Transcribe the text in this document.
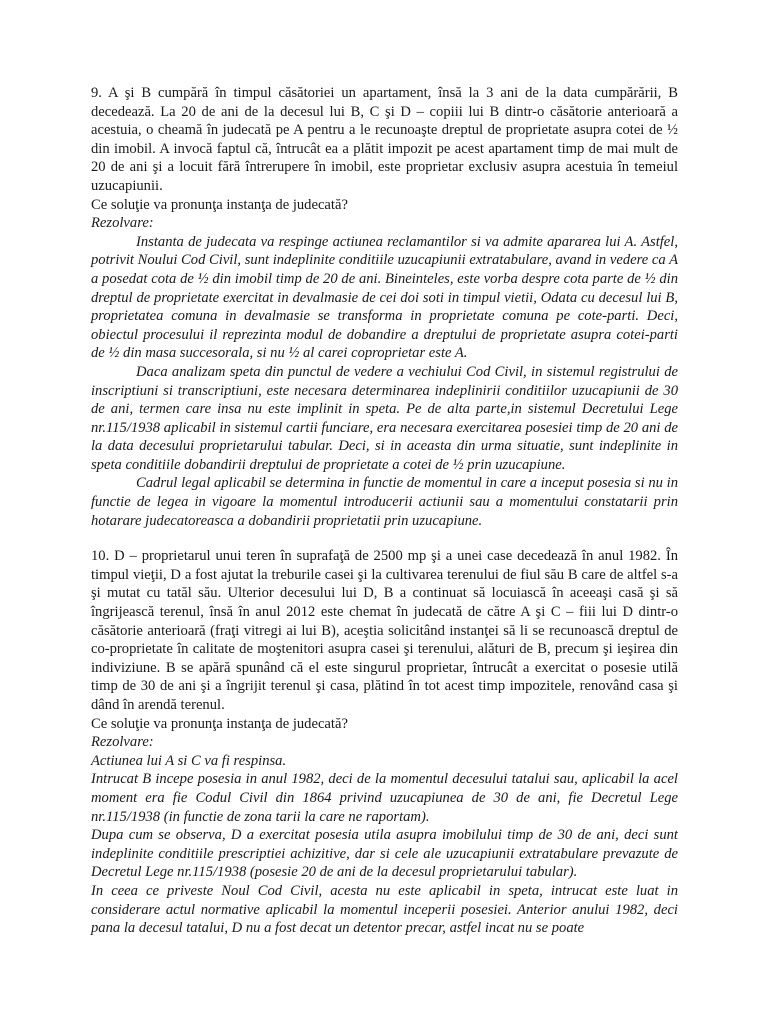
9. A şi B cumpără în timpul căsătoriei un apartament, însă la 3 ani de la data cumpărării, B decedează. La 20 de ani de la decesul lui B, C şi D – copiii lui B dintr-o căsătorie anterioară a acestuia, o cheamă în judecată pe A pentru a le recunoaşte dreptul de proprietate asupra cotei de ½ din imobil. A invocă faptul că, întrucât ea a plătit impozit pe acest apartament timp de mai mult de 20 de ani şi a locuit fără întrerupere în imobil, este proprietar exclusiv asupra acestuia în temeiul uzucapiunii.

Ce soluţie va pronunţa instanţa de judecată?

Rezolvare:

Instanta de judecata va respinge actiunea reclamantilor si va admite apararea lui A. Astfel, potrivit Noului Cod Civil, sunt indeplinite conditiile uzucapiunii extratabulare, avand in vedere ca A a posedat cota de ½ din imobil timp de 20 de ani. Bineinteles, este vorba despre cota parte de ½ din dreptul de proprietate exercitat in devalmasie de cei doi soti in timpul vietii, Odata cu decesul lui B, proprietatea comuna in devalmasie se transforma in proprietate comuna pe cote-parti. Deci, obiectul procesului il reprezinta modul de dobandire a dreptului de proprietate asupra cotei-parti de ½ din masa succesorala, si nu ½ al carei coproprietar este A.

Daca analizam speta din punctul de vedere a vechiului Cod Civil, in sistemul registrului de inscriptiuni si transcriptiuni, este necesara determinarea indeplinirii conditiilor uzucapiunii de 30 de ani, termen care insa nu este implinit in speta. Pe de alta parte,in sistemul Decretului Lege nr.115/1938 aplicabil in sistemul cartii funciare, era necesara exercitarea posesiei timp de 20 ani de la data decesului proprietarului tabular. Deci, si in aceasta din urma situatie, sunt indeplinite in speta conditiile dobandirii dreptului de proprietate a cotei de ½ prin uzucapiune.

Cadrul legal aplicabil se determina in functie de momentul in care a inceput posesia si nu in functie de legea in vigoare la momentul introducerii actiunii sau a momentului constatarii prin hotarare judecatoreasca a dobandirii proprietatii prin uzucapiune.

10. D – proprietarul unui teren în suprafaţă de 2500 mp şi a unei case decedează în anul 1982. În timpul vieţii, D a fost ajutat la treburile casei şi la cultivarea terenului de fiul său B care de altfel s-a şi mutat cu tatăl său. Ulterior decesului lui D, B a continuat să locuiască în aceeaşi casă şi să îngrijească terenul, însă în anul 2012 este chemat în judecată de către A şi C – fiii lui D dintr-o căsătorie anterioară (fraţi vitregi ai lui B), aceştia solicitând instanţei să li se recunoască dreptul de co-proprietate în calitate de moştenitori asupra casei şi terenului, alături de B, precum şi ieşirea din indiviziune. B se apără spunând că el este singurul proprietar, întrucât a exercitat o posesie utilă timp de 30 de ani şi a îngrijit terenul şi casa, plătind în tot acest timp impozitele, renovând casa şi dând în arendă terenul.

Ce soluţie va pronunţa instanţa de judecată?

Rezolvare:

Actiunea lui A si C va fi respinsa.

Intrucat B incepe posesia in anul 1982, deci de la momentul decesului tatalui sau, aplicabil la acel moment era fie Codul Civil din 1864 privind uzucapiunea de 30 de ani, fie Decretul Lege nr.115/1938 (in functie de zona tarii la care ne raportam).

Dupa cum se observa, D a exercitat posesia utila asupra imobilului timp de 30 de ani, deci sunt indeplinite conditiile prescriptiei achizitive, dar si cele ale uzucapiunii extratabulare prevazute de Decretul Lege nr.115/1938 (posesie 20 de ani de la decesul proprietarului tabular).

In ceea ce priveste Noul Cod Civil, acesta nu este aplicabil in speta, intrucat este luat in considerare actul normative aplicabil la momentul inceperii posesiei. Anterior anului 1982, deci pana la decesul tatalui, D nu a fost decat un detentor precar, astfel incat nu se poate
